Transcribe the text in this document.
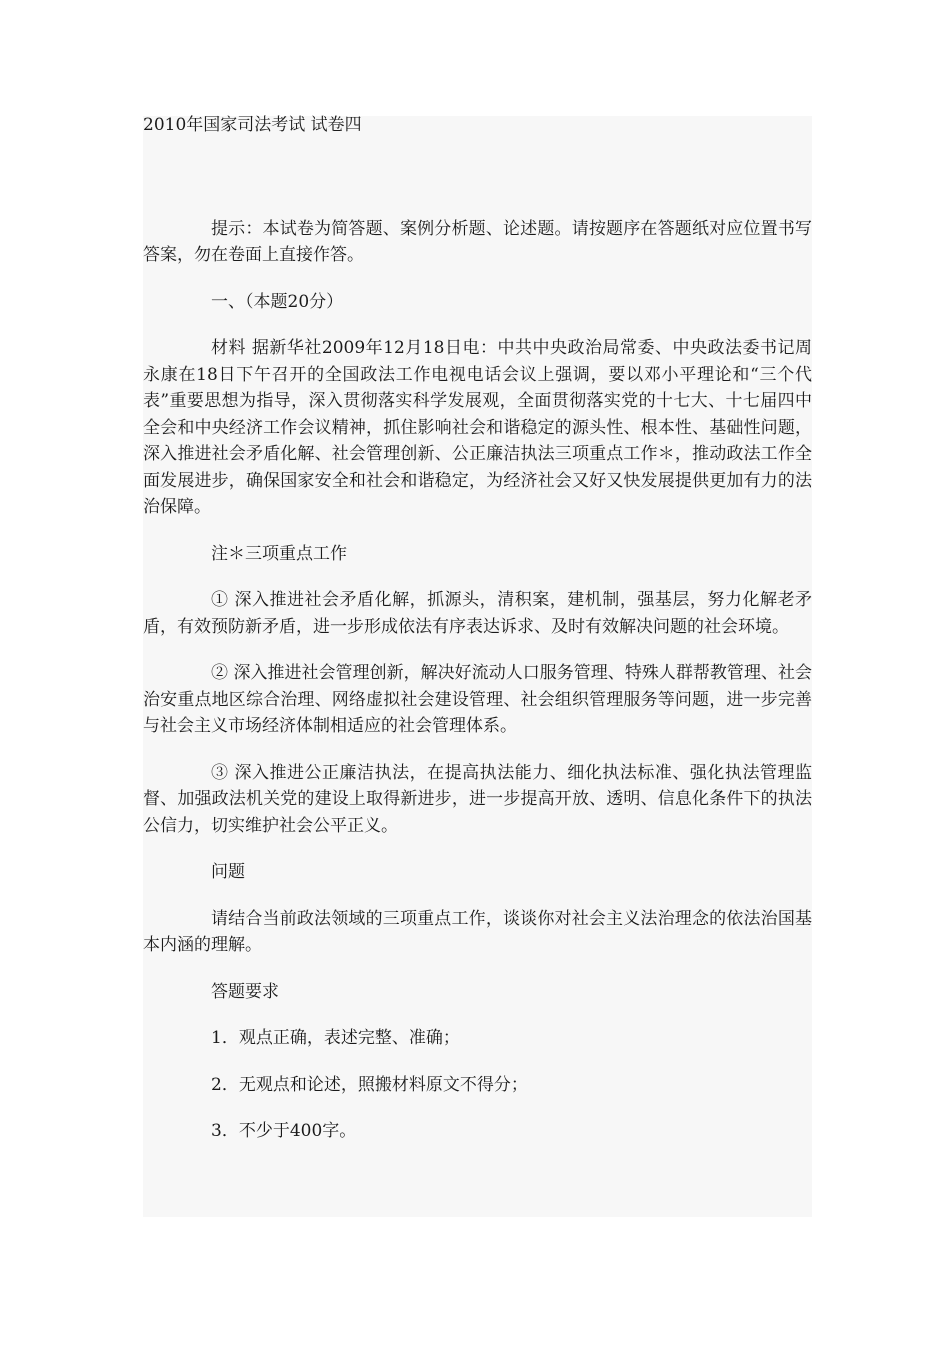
2010年国家司法考试 试卷四

提示：本试卷为简答题、案例分析题、论述题。请按题序在答题纸对应位置书写答案，勿在卷面上直接作答。

一、（本题20分）

材料 据新华社2009年12月18日电：中共中央政治局常委、中央政法委书记周永康在18日下午召开的全国政法工作电视电话会议上强调，要以邓小平理论和“三个代表”重要思想为指导，深入贯彻落实科学发展观，全面贯彻落实党的十七大、十七届四中全会和中央经济工作会议精神，抓住影响社会和谐稳定的源头性、根本性、基础性问题，深入推进社会矛盾化解、社会管理创新、公正廉洁执法三项重点工作＊，推动政法工作全面发展进步，确保国家安全和社会和谐稳定，为经济社会又好又快发展提供更加有力的法治保障。

注＊三项重点工作

① 深入推进社会矛盾化解，抓源头，清积案，建机制，强基层，努力化解老矛盾，有效预防新矛盾，进一步形成依法有序表达诉求、及时有效解决问题的社会环境。

② 深入推进社会管理创新，解决好流动人口服务管理、特殊人群帮教管理、社会治安重点地区综合治理、网络虚拟社会建设管理、社会组织管理服务等问题，进一步完善与社会主义市场经济体制相适应的社会管理体系。

③ 深入推进公正廉洁执法，在提高执法能力、细化执法标准、强化执法管理监督、加强政法机关党的建设上取得新进步，进一步提高开放、透明、信息化条件下的执法公信力，切实维护社会公平正义。

问题

请结合当前政法领域的三项重点工作，谈谈你对社会主义法治理念的依法治国基本内涵的理解。

答题要求

1．观点正确，表述完整、准确；

2．无观点和论述，照搬材料原文不得分；

3．不少于400字。
